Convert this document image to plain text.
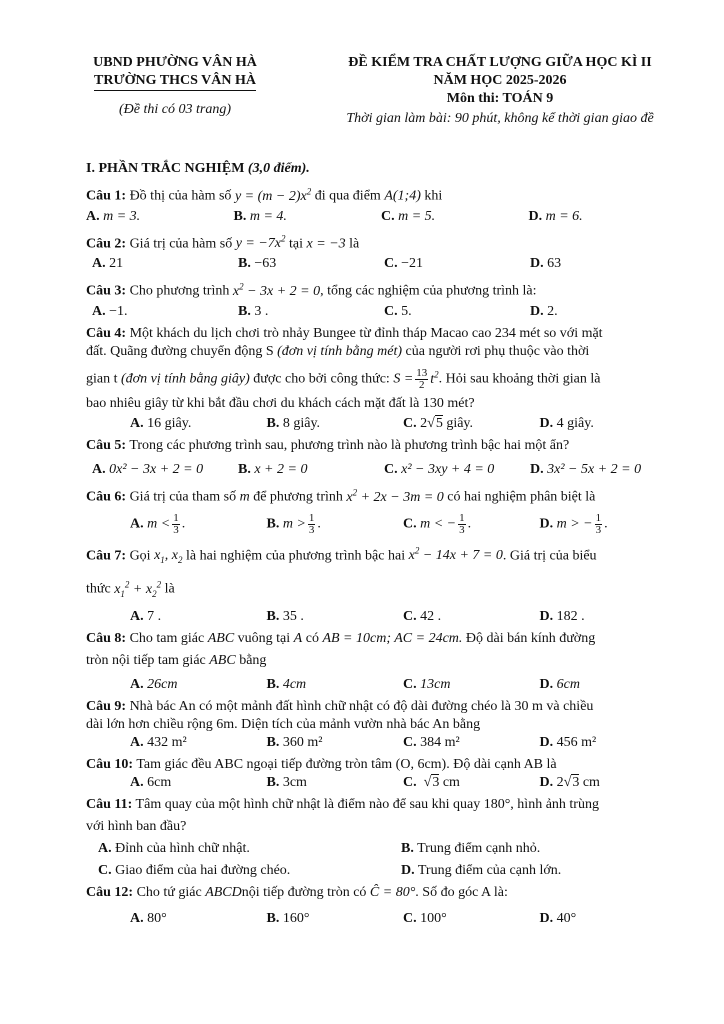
UBND PHƯỜNG VÂN HÀ
TRƯỜNG THCS VÂN HÀ
(Đề thi có 03 trang)
ĐỀ KIỂM TRA CHẤT LƯỢNG GIỮA HỌC KÌ II
NĂM HỌC 2025-2026
Môn thi: TOÁN 9
Thời gian làm bài: 90 phút, không kể thời gian giao đề
I. PHẦN TRẮC NGHIỆM (3,0 điểm).
Câu 1: Đồ thị của hàm số $y = (m - 2)x^2$ đi qua điểm A(1;4) khi
A. m = 3.	B. m = 4.	C. m = 5.	D. m = 6.
Câu 2: Giá trị của hàm số $y = -7x^2$ tại x = −3 là
A. 21	B. −63	C. −21	D. 63
Câu 3: Cho phương trình $x^2 - 3x + 2 = 0$, tổng các nghiệm của phương trình là:
A. −1.	B. 3 .	C. 5.	D. 2.
Câu 4: Một khách du lịch chơi trò nhảy Bungee từ đỉnh tháp Macao cao 234 mét so với mặt
đất. Quãng đường chuyển động S (đơn vị tính bằng mét) của người rơi phụ thuộc vào thời
gian t (đơn vị tính bằng giây) được cho bởi công thức: $S = \frac{13}{2} t^2$. Hỏi sau khoảng thời gian là
bao nhiêu giây từ khi bắt đầu chơi du khách cách mặt đất là 130 mét?
A. 16 giây.	B. 8 giây.	C. 2√5 giây.	D. 4 giây.
Câu 5: Trong các phương trình sau, phương trình nào là phương trình bậc hai một ẩn?
A. 0x² − 3x + 2 = 0	B. x + 2 = 0	C. x² − 3xy + 4 = 0	D. 3x² − 5x + 2 = 0
Câu 6: Giá trị của tham số m để phương trình $x^2 + 2x - 3m = 0$ có hai nghiệm phân biệt là
A. $m < \frac{1}{3}$ .	B. $m > \frac{1}{3}$ .	C. m < − $\frac{1}{3}$ .	D. m > − $\frac{1}{3}$ .
Câu 7: Gọi $x_1$, $x_2$ là hai nghiệm của phương trình bậc hai $x^2 - 14x + 7 = 0$. Giá trị của biểu
thức $x_1^2 + x_2^2$ là
A. 7 .	B. 35 .	C. 42 .	D. 182 .
Câu 8: Cho tam giác ABC vuông tại A có AB = 10cm; AC = 24cm. Độ dài bán kính đường
tròn nội tiếp tam giác ABC bằng
A. 26cm	B. 4cm	C. 13cm	D. 6cm
Câu 9: Nhà bác An có một mảnh đất hình chữ nhật có độ dài đường chéo là 30 m và chiều
dài lớn hơn chiều rộng 6m. Diện tích của mảnh vườn nhà bác An bằng
A. 432 m²	B. 360 m²	C. 384 m²	D. 456 m²
Câu 10: Tam giác đều ABC ngoại tiếp đường tròn tâm (O, 6cm). Độ dài cạnh AB là
A. 6cm	B. 3cm	C.  √3 cm	D. 2√3 cm
Câu 11: Tâm quay của một hình chữ nhật là điểm nào để sau khi quay 180°, hình ảnh trùng
với hình ban đầu?
A. Đỉnh của hình chữ nhật.	B. Trung điểm cạnh nhỏ.
C. Giao điểm của hai đường chéo.	D. Trung điểm của cạnh lớn.
Câu 12: Cho tứ giác ABCDnội tiếp đường tròn có Ĉ = 80°. Số đo góc A là:
A. 80°	B. 160°	C. 100°	D. 40°
